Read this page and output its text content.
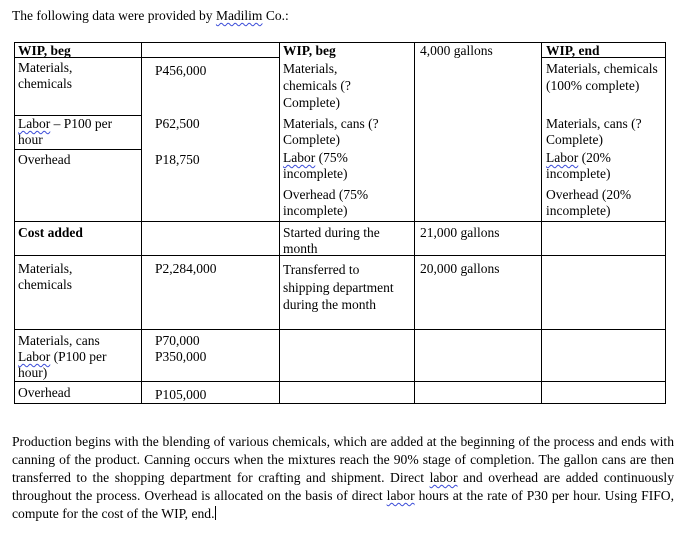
The following data were provided by Madilim Co.:
WIP, beg
Materials, chemicals
Labor – P100 per hour
Overhead
Cost added
Materials, chemicals
Materials, cans
Labor (P100 per hour)
Overhead
P456,000
P62,500
P18,750
P2,284,000
P70,000
P350,000
P105,000
WIP, beg
Materials, chemicals (? Complete)
Materials, cans (? Complete)
Labor (75% incomplete)
Overhead (75% incomplete)
Started during the month
Transferred to shipping department during the month
4,000 gallons
21,000 gallons
20,000 gallons
WIP, end
Materials, chemicals (100% complete)
Materials, cans (? Complete)
Labor (20% incomplete)
Overhead (20% incomplete)
Production begins with the blending of various chemicals, which are added at the beginning of the process and ends with canning of the product. Canning occurs when the mixtures reach the 90% stage of completion. The gallon cans are then transferred to the shopping department for crafting and shipment. Direct labor and overhead are added continuously throughout the process. Overhead is allocated on the basis of direct labor hours at the rate of P30 per hour. Using FIFO, compute for the cost of the WIP, end.
